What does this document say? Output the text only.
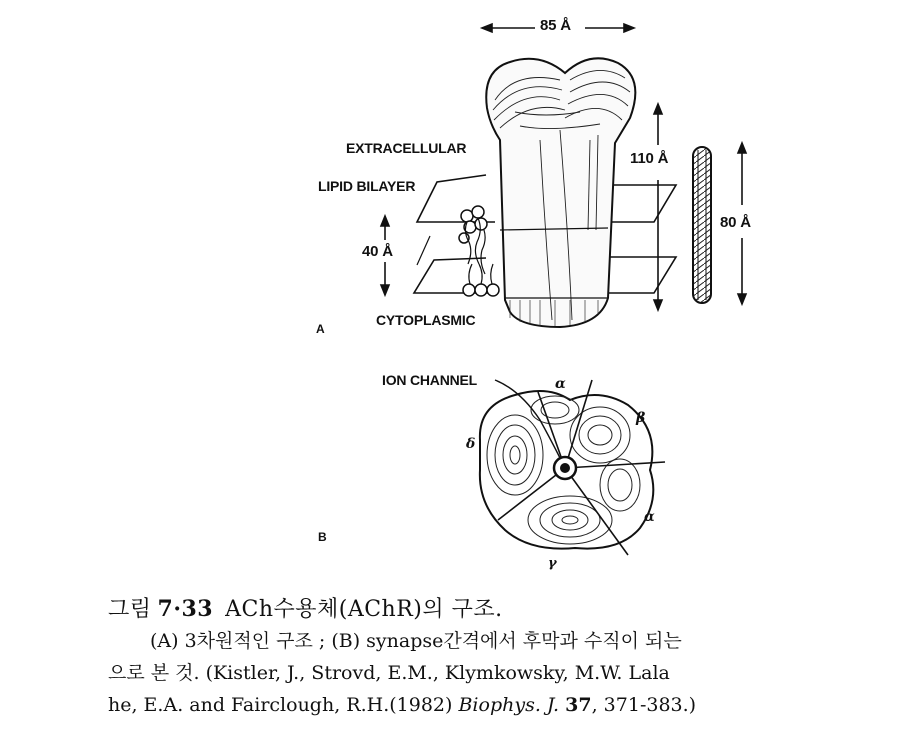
A
85 Å
110 Å
40 Å
80 Å
EXTRACELLULAR
LIPID BILAYER
CYTOPLASMIC
B
ION CHANNEL	α
β
δ
α
γ
그림 7·33 ACh수용체(AChR)의 구조.
(A) 3차원적인 구조 ; (B) synapse간격에서 후막과 수직이 되는
으로 본 것. (Kistler, J., Strovd, E.M., Klymkowsky, M.W. Lala
he, E.A. and Fairclough, R.H.(1982) Biophys. J. 37, 371-383.)
